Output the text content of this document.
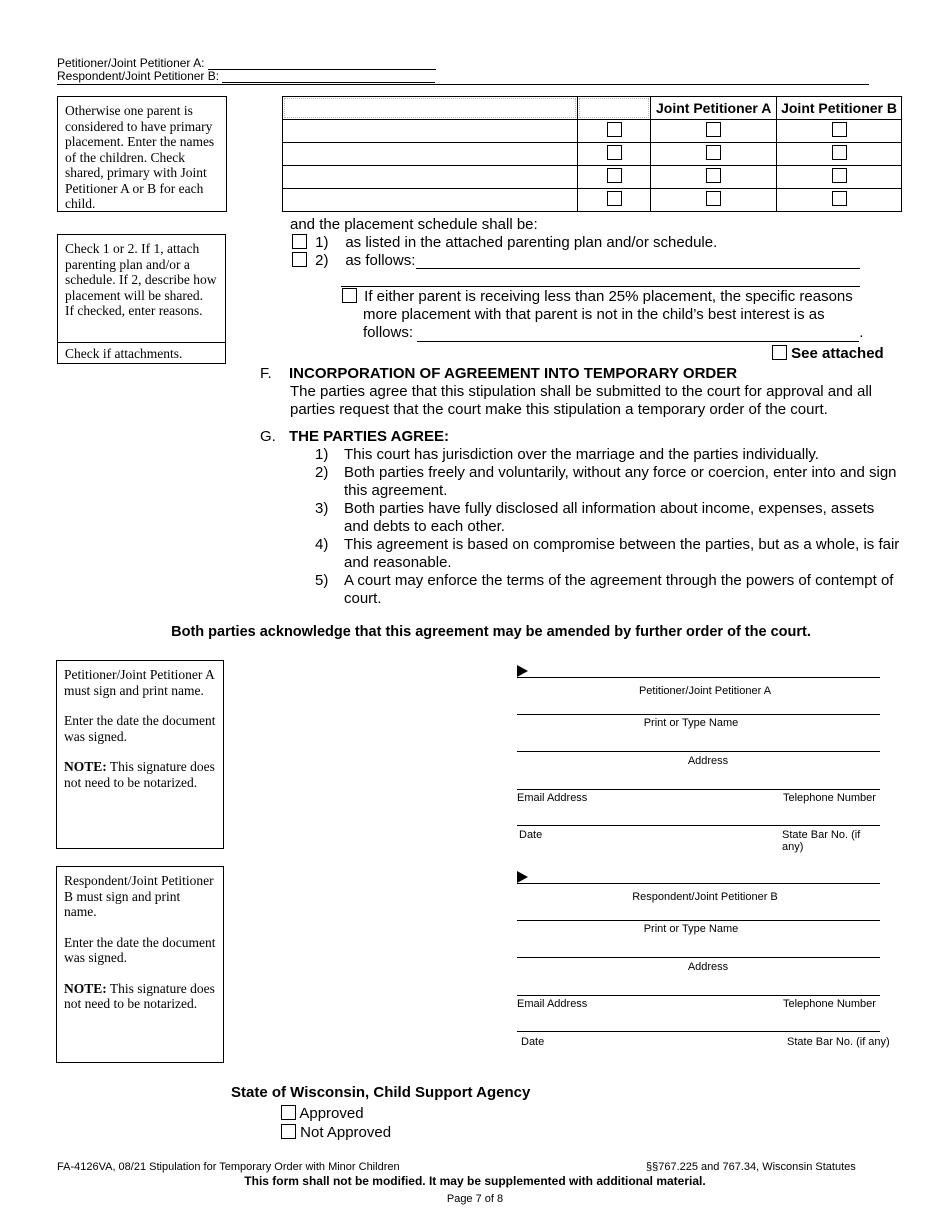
Petitioner/Joint Petitioner A:
Respondent/Joint Petitioner B:
Otherwise one parent is considered to have primary placement. Enter the names of the children. Check shared, primary with Joint Petitioner A or B for each child.

	Joint Petitioner A	Joint Petitioner B

Check 1 or 2. If 1, attach parenting plan and/or a schedule. If 2, describe how placement will be shared.
If checked, enter reasons.
Check if attachments.
and the placement schedule shall be:
1) as listed in the attached parenting plan and/or schedule.
2) as follows:
If either parent is receiving less than 25% placement, the specific reasons
more placement with that parent is not in the child’s best interest is as
follows:	.
See attached
F. INCORPORATION OF AGREEMENT INTO TEMPORARY ORDER
The parties agree that this stipulation shall be submitted to the court for approval and all parties request that the court make this stipulation a temporary order of the court.
G. THE PARTIES AGREE:
1)	This court has jurisdiction over the marriage and the parties individually.
2)	Both parties freely and voluntarily, without any force or coercion, enter into and sign this agreement.
3)	Both parties have fully disclosed all information about income, expenses, assets and debts to each other.
4)	This agreement is based on compromise between the parties, but as a whole, is fair and reasonable.
5)	A court may enforce the terms of the agreement through the powers of contempt of court.
Both parties acknowledge that this agreement may be amended by further order of the court.
Petitioner/Joint Petitioner A must sign and print name.
Enter the date the document was signed.
NOTE: This signature does not need to be notarized.
Petitioner/Joint Petitioner A
Print or Type Name
Address
Email Address	Telephone Number
Date	State Bar No. (if any)
Respondent/Joint Petitioner B must sign and print name.
Enter the date the document was signed.
NOTE: This signature does not need to be notarized.
Respondent/Joint Petitioner B
Print or Type Name
Address
Email Address	Telephone Number
Date	State Bar No. (if any)
State of Wisconsin, Child Support Agency
Approved
Not Approved
FA-4126VA, 08/21 Stipulation for Temporary Order with Minor Children	§§767.225 and 767.34, Wisconsin Statutes
This form shall not be modified. It may be supplemented with additional material.
Page 7 of 8
